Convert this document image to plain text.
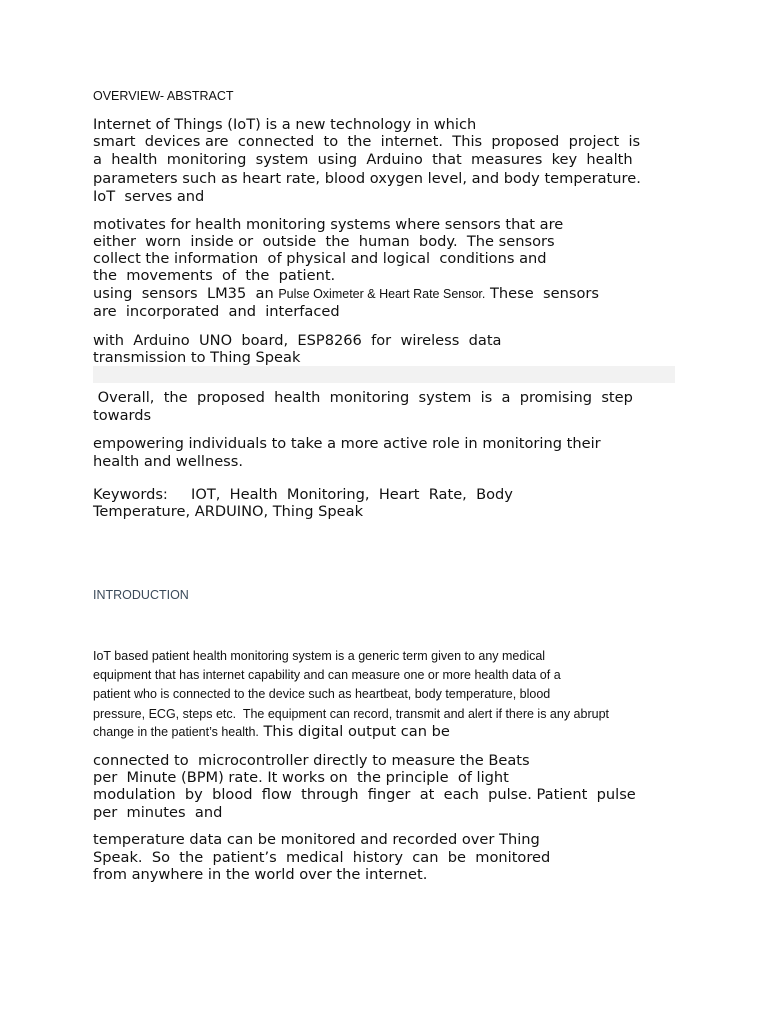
OVERVIEW- ABSTRACT
Internet of Things (IoT) is a new technology in which
smart  devices are  connected  to  the  internet.  This  proposed  project  is
a  health  monitoring  system  using  Arduino  that  measures  key  health
parameters such as heart rate, blood oxygen level, and body temperature.
IoT  serves and
motivates for health monitoring systems where sensors that are
either  worn  inside or  outside  the  human  body.  The sensors
collect the information  of physical and logical  conditions and
the  movements  of  the  patient.
using  sensors  LM35  an Pulse Oximeter & Heart Rate Sensor. These  sensors
are  incorporated  and  interfaced
with  Arduino  UNO  board,  ESP8266  for  wireless  data
transmission to Thing Speak
Overall,  the  proposed  health  monitoring  system  is  a  promising  step
towards
empowering individuals to take a more active role in monitoring their
health and wellness.
Keywords:     IOT,  Health  Monitoring,  Heart  Rate,  Body
Temperature, ARDUINO, Thing Speak
INTRODUCTION
IoT based patient health monitoring system is a generic term given to any medical
equipment that has internet capability and can measure one or more health data of a
patient who is connected to the device such as heartbeat, body temperature, blood
pressure, ECG, steps etc.  The equipment can record, transmit and alert if there is any abrupt
change in the patient’s health. This digital output can be
connected to  microcontroller directly to measure the Beats
per  Minute (BPM) rate. It works on  the principle  of light
modulation  by  blood  flow  through  finger  at  each  pulse. Patient  pulse
per  minutes  and
temperature data can be monitored and recorded over Thing
Speak.  So  the  patient’s  medical  history  can  be  monitored
from anywhere in the world over the internet.
